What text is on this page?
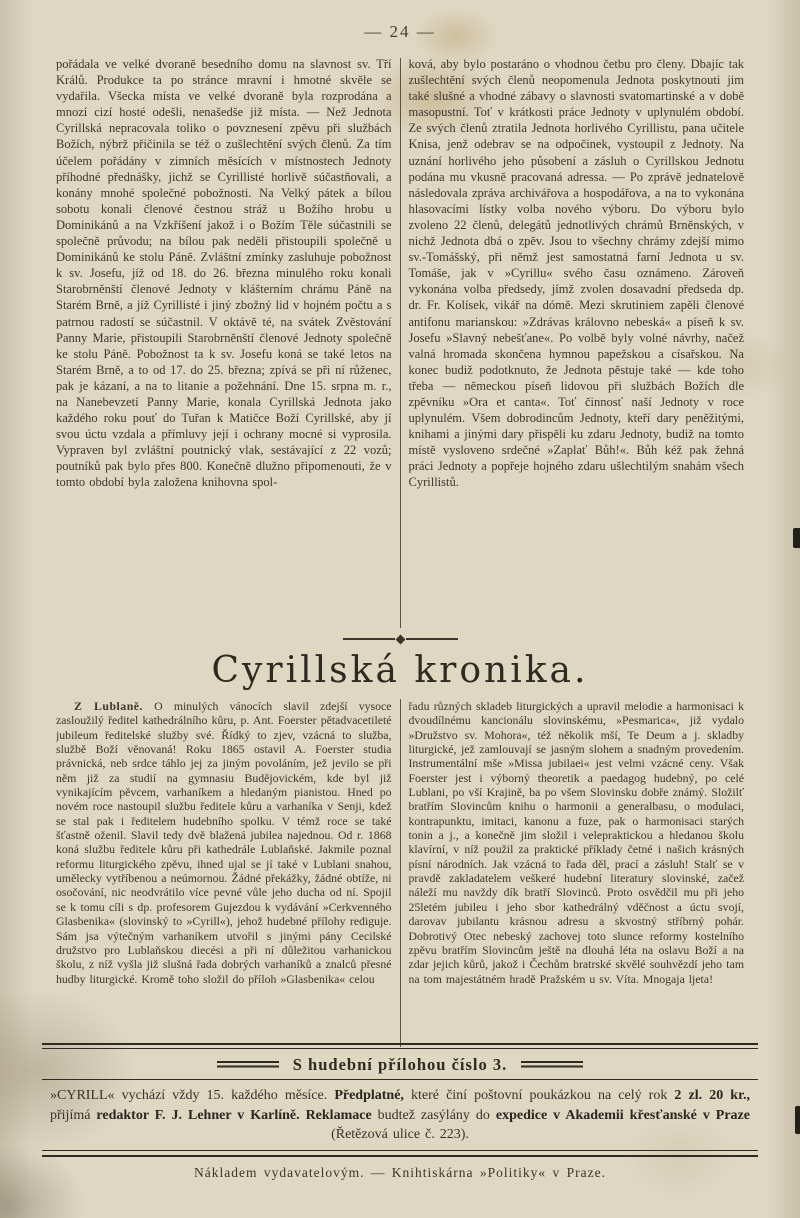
— 24 —

pořádala ve velké dvoraně besedního domu na slavnost sv. Tří Králů. Produkce ta po stránce mravní i hmotné skvěle se vydařila. Všecka místa ve velké dvoraně byla rozprodána a mnozí cizí hosté odešli, nenašedše již místa. — Než Jednota Cyrillská nepracovala toliko o povznesení zpěvu při službách Božích, nýbrž přičinila se též o zušlechtění svých členů. Za tím účelem pořádány v zimních měsících v místnostech Jednoty příhodné přednášky, jichž se Cyrillisté horlivě súčastňovali, a konány mnohé společné pobožnosti. Na Velký pátek a bílou sobotu konali členové čestnou stráž u Božího hrobu u Dominikánů a na Vzkříšení jakož i o Božím Těle súčastnili se společně průvodu; na bílou pak neděli přistoupili společně u Dominikánů ke stolu Páně. Zvláštní zmínky zasluhuje pobožnost k sv. Josefu, jíž od 18. do 26. března minulého roku konali Starobrněnští členové Jednoty v klášterním chrámu Páně na Starém Brně, a jíž Cyrillisté i jiný zbožný lid v hojném počtu a s patrnou radostí se súčastnil. V oktávě té, na svátek Zvěstování Panny Marie, přistoupili Starobrněnští členové Jednoty společně ke stolu Páně. Pobožnost ta k sv. Josefu koná se také letos na Starém Brně, a to od 17. do 25. března; zpívá se při ní růženec, pak je kázaní, a na to litanie a požehnání. Dne 15. srpna m. r., na Nanebevzetí Panny Marie, konala Cyrillská Jednota jako každého roku pouť do Tuřan k Matičce Boží Cyrillské, aby jí svou úctu vzdala a přímluvy její i ochrany mocné si vyprosila. Vypraven byl zvláštní poutnický vlak, sestávající z 22 vozů; poutníků pak bylo přes 800. Konečně dlužno připomenouti, že v tomto období byla založena knihovna spol-

ková, aby bylo postaráno o vhodnou četbu pro členy. Dbajíc tak zušlechtění svých členů neopomenula Jednota poskytnouti jim také slušné a vhodné zábavy o slavnosti svatomartinské a v době masopustní. Toť v krátkosti práce Jednoty v uplynulém období. Ze svých členů ztratila Jednota horlivého Cyrillistu, pana učitele Knisa, jenž odebrav se na odpočinek, vystoupil z Jednoty. Na uznání horlivého jeho působení a zásluh o Cyrillskou Jednotu podána mu vkusně pracovaná adressa. — Po zprávě jednatelově následovala zpráva archivářova a hospodářova, a na to vykonána hlasovacími lístky volba nového výboru. Do výboru bylo zvoleno 22 členů, delegátů jednotlivých chrámů Brněnských, v nichž Jednota dbá o zpěv. Jsou to všechny chrámy zdejší mimo sv.-Tomášský, při němž jest samostatná farní Jednota u sv. Tomáše, jak v »Cyrillu« svého času oznámeno. Zároveň vykonána volba předsedy, jímž zvolen dosavadní předseda dp. dr. Fr. Kolísek, vikář na dómě. Mezi skrutiniem zapěli členové antifonu marianskou: »Zdrávas královno nebeská« a píseň k sv. Josefu »Slavný nebešťane«. Po volbě byly volné návrhy, načež valná hromada skončena hymnou papežskou a císařskou. Na konec budiž podotknuto, že Jednota pěstuje také — kde toho třeba — německou píseň lidovou při službách Božích dle zpěvníku »Ora et canta«. Toť činnosť naší Jednoty v roce uplynulém. Všem dobrodincům Jednoty, kteří dary peněžitými, knihami a jinými dary přispěli ku zdaru Jednoty, budiž na tomto místě vysloveno srdečné »Zaplať Bůh!«. Bůh kéž pak žehná práci Jednoty a popřeje hojného zdaru ušlechtilým snahám všech Cyrillistů.

Cyrillská kronika.

Z Lublaně. O minulých vánocích slavil zdejší vysoce zasloužilý ředitel kathedrálního kůru, p. Ant. Foerster pětadvacetileté jubileum ředitelské služby své. Řídký to zjev, vzácná to služba, službě Boží věnovaná! Roku 1865 ostavil A. Foerster studia právnická, neb srdce táhlo jej za jiným povoláním, jež jevilo se při něm již za studií na gymnasiu Budějovickém, kde byl již vynikajícím pěvcem, varhaníkem a hledaným pianistou. Hned po novém roce nastoupil službu ředitele kůru a varhaníka v Senji, kdež se stal pak i ředitelem hudebního spolku. V témž roce se také šťastně oženil. Slavil tedy dvě blažená jubilea najednou. Od r. 1868 koná službu ředitele kůru při kathedrále Lublaňské. Jakmile poznal reformu liturgického zpěvu, ihned ujal se jí také v Lublani snahou, umělecky vytříbenou a neúmornou. Žádné překážky, žádné obtíže, ni osočování, nic neodvrátilo více pevné vůle jeho ducha od ní. Spojil se k tomu cíli s dp. profesorem Gujezdou k vydávání »Cerkvenného Glasbenika« (slovinský to »Cyrill«), jehož hudebné přílohy rediguje. Sám jsa výtečným varhaníkem utvořil s jinými pány Cecilské družstvo pro Lublaňskou diecési a při ní důležitou varhanickou školu, z níž vyšla již slušná řada dobrých varhaníků a znalců přesné hudby liturgické. Kromě toho složil do příloh »Glasbenika« celou

řadu různých skladeb liturgických a upravil melodie a harmonisaci k dvoudílnému kancionálu slovinskému, »Pesmarica«, již vydalo »Družstvo sv. Mohora«, též několik mší, Te Deum a j. skladby liturgické, jež zamlouvají se jasným slohem a snadným provedením. Instrumentální mše »Missa jubilaei« jest velmi vzácné ceny. Však Foerster jest i výborný theoretik a paedagog hudebný, po celé Lublani, po vší Krajině, ba po všem Slovinsku dobře známý. Složilť bratřím Slovincům knihu o harmonii a generalbasu, o modulaci, kontrapunktu, imitaci, kanonu a fuze, pak o harmonisaci starých tonin a j., a konečně jim složil i velepraktickou a hledanou školu klavírní, v níž použil za praktické příklady četné i našich krásných písní národních. Jak vzácná to řada děl, prací a zásluh! Stalť se v pravdě zakladatelem veškeré hudební literatury slovinské, začež náleží mu navždy dík bratří Slovinců. Proto osvědčil mu při jeho 25letém jubileu i jeho sbor kathedrálný vděčnost a úctu svojí, darovav jubilantu krásnou adresu a skvostný stříbrný pohár. Dobrotivý Otec nebeský zachovej toto slunce reformy kostelního zpěvu bratřím Slovincům ještě na dlouhá léta na oslavu Boží a na zdar jejich kůrů, jakož i Čechům bratrské skvělé souhvězdí jeho tam na tom majestátném hradě Pražském u sv. Víta. Mnogaja ljeta!

S hudební přílohou číslo 3.

»CYRILL« vychází vždy 15. každého měsíce. Předplatné, které činí poštovní poukázkou na celý rok 2 zl. 20 kr., přijímá redaktor F. J. Lehner v Karlíně. Reklamace budtež zasýlány do expedice v Akademii křesťanské v Praze (Řetězová ulice č. 223).

Nákladem vydavatelovým. — Knihtiskárna »Politiky« v Praze.
